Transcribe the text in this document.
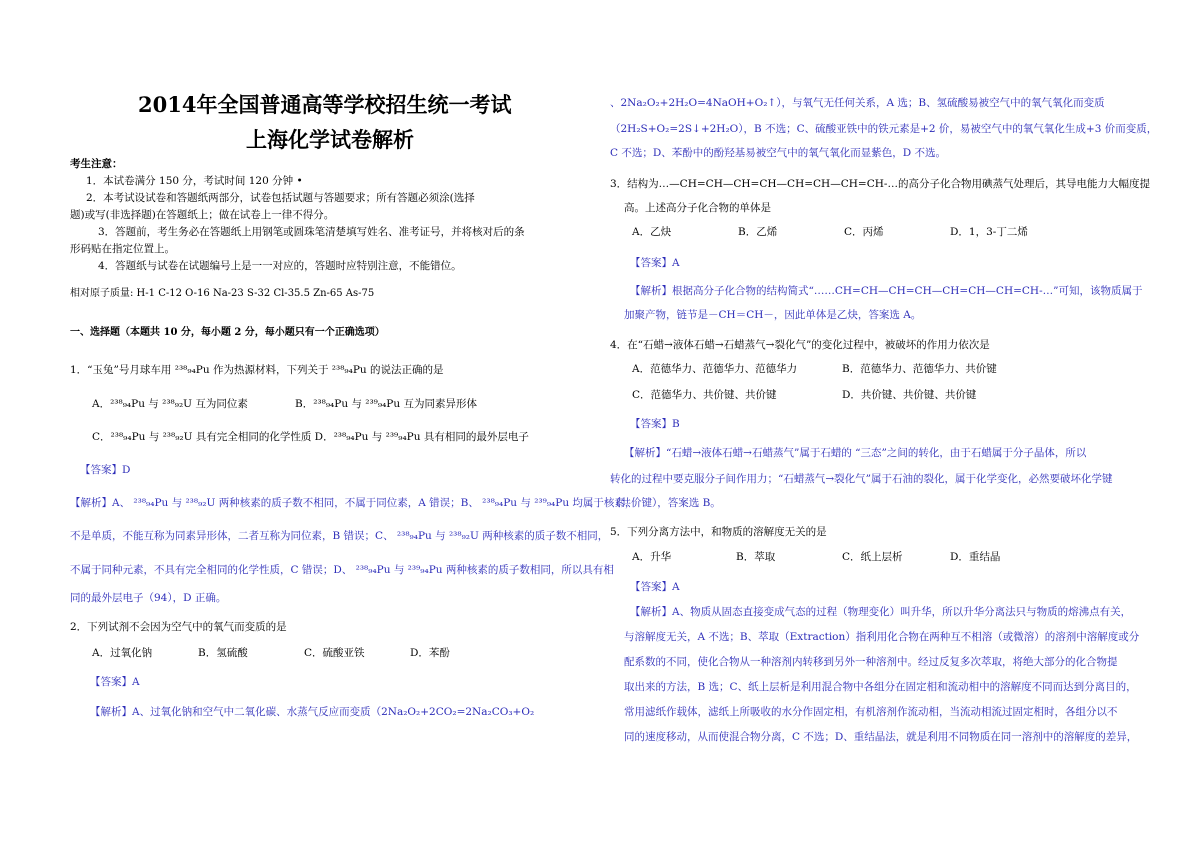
2014年全国普通高等学校招生统一考试
上海化学试卷解析
考生注意：
1．本试卷满分 150 分，考试时间 120 分钟 •
2．本考试设试卷和答题纸两部分，试卷包括试题与答题要求；所有答题必须涂(选择
题)或写(非选择题)在答题纸上；做在试卷上一律不得分。
3．答题前，考生务必在答题纸上用钢笔或圆珠笔清楚填写姓名、准考证号，并将核对后的条
形码贴在指定位置上。
4．答题纸与试卷在试题编号上是一一对应的，答题时应特别注意，不能错位。
相对原子质量: H-1 C-12 O-16 Na-23 S-32 Cl-35.5 Zn-65 As-75
一、选择题（本题共 10 分，每小题 2 分，每小题只有一个正确选项）
1．“玉兔”号月球车用 ²³⁸₉₄Pu 作为热源材料，下列关于 ²³⁸₉₄Pu 的说法正确的是
A．²³⁸₉₄Pu 与 ²³⁸₉₂U 互为同位素	B．²³⁸₉₄Pu 与 ²³⁹₉₄Pu 互为同素异形体
C．²³⁸₉₄Pu 与 ²³⁸₉₂U 具有完全相同的化学性质 D．²³⁸₉₄Pu 与 ²³⁹₉₄Pu 具有相同的最外层电子
【答案】D
【解析】A、 ²³⁸₉₄Pu 与 ²³⁸₉₂U 两种核素的质子数不相同，不属于同位素，A 错误；B、 ²³⁸₉₄Pu 与 ²³⁹₉₄Pu 均属于核素，
不是单质，不能互称为同素异形体，二者互称为同位素，B 错误；C、 ²³⁸₉₄Pu 与 ²³⁸₉₂U 两种核素的质子数不相同，
不属于同种元素，不具有完全相同的化学性质，C 错误；D、 ²³⁸₉₄Pu 与 ²³⁹₉₄Pu 两种核素的质子数相同，所以具有相
同的最外层电子（94），D 正确。
2．下列试剂不会因为空气中的氧气而变质的是
A．过氧化钠	B．氢硫酸	C．硫酸亚铁	D．苯酚
【答案】A
【解析】A、过氧化钠和空气中二氧化碳、水蒸气反应而变质（2Na₂O₂+2CO₂=2Na₂CO₃+O₂
、2Na₂O₂+2H₂O=4NaOH+O₂↑），与氧气无任何关系，A 选；B、氢硫酸易被空气中的氧气氧化而变质
（2H₂S+O₂=2S↓+2H₂O），B 不选；C、硫酸亚铁中的铁元素是+2 价，易被空气中的氧气氧化生成+3 价而变质，
C 不选；D、苯酚中的酚羟基易被空气中的氧气氧化而显紫色，D 不选。
3．结构为…—CH=CH—CH=CH—CH=CH—CH=CH-…的高分子化合物用碘蒸气处理后，其导电能力大幅度提
高。上述高分子化合物的单体是
A．乙炔	B．乙烯	C．丙烯	D．1，3-丁二烯
【答案】A
【解析】根据高分子化合物的结构简式“……CH=CH—CH=CH—CH=CH—CH=CH-…”可知，该物质属于
加聚产物，链节是－CH＝CH－，因此单体是乙炔，答案选 A。
4．在“石蜡→液体石蜡→石蜡蒸气→裂化气”的变化过程中，被破坏的作用力依次是
A．范德华力、范德华力、范德华力	B．范德华力、范德华力、共价键
C．范德华力、共价键、共价键	D．共价键、共价键、共价键
【答案】B
【解析】“石蜡→液体石蜡→石蜡蒸气”属于石蜡的 “三态”之间的转化，由于石蜡属于分子晶体，所以
转化的过程中要克服分子间作用力；“石蜡蒸气→裂化气”属于石油的裂化，属于化学变化，必然要破坏化学键
（共价键），答案选 B。
5．下列分离方法中，和物质的溶解度无关的是
A．升华	B．萃取	C．纸上层析	D．重结晶
【答案】A
【解析】A、物质从固态直接变成气态的过程（物理变化）叫升华，所以升华分离法只与物质的熔沸点有关，
与溶解度无关，A 不选；B、萃取（Extraction）指利用化合物在两种互不相溶（或微溶）的溶剂中溶解度或分
配系数的不同，使化合物从一种溶剂内转移到另外一种溶剂中。经过反复多次萃取，将绝大部分的化合物提
取出来的方法，B 选；C、纸上层析是利用混合物中各组分在固定相和流动相中的溶解度不同而达到分离目的，
常用滤纸作载体，滤纸上所吸收的水分作固定相，有机溶剂作流动相，当流动相流过固定相时，各组分以不
同的速度移动，从而使混合物分离，C 不选；D、重结晶法，就是利用不同物质在同一溶剂中的溶解度的差异，
